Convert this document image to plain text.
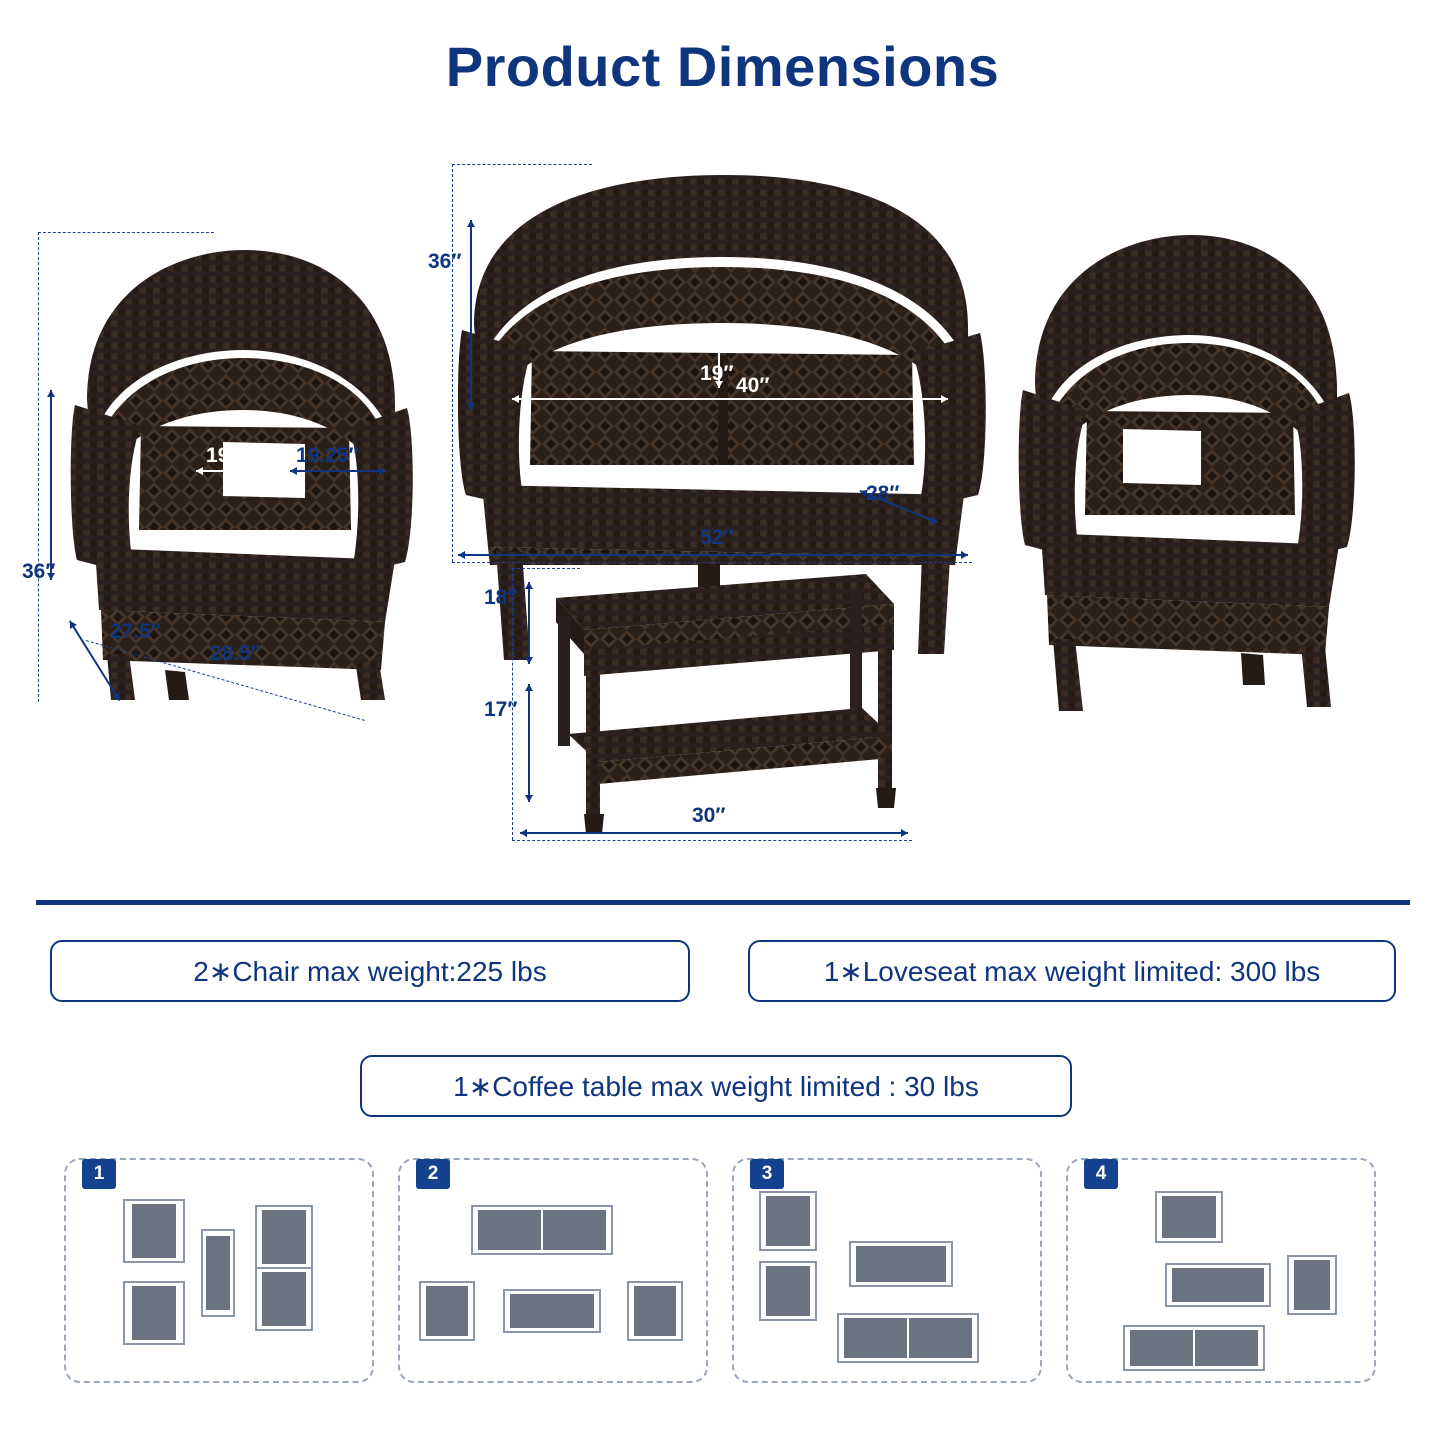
Product Dimensions
36″
19.25″ 19.25″
27.5″
28.5″
36″
19″
40″
28″
52″
18″
17″
30″
2∗Chair max weight:225 lbs	1∗Loveseat max weight limited: 300 lbs
1∗Coffee table max weight limited : 30 lbs
1	2	3	4
